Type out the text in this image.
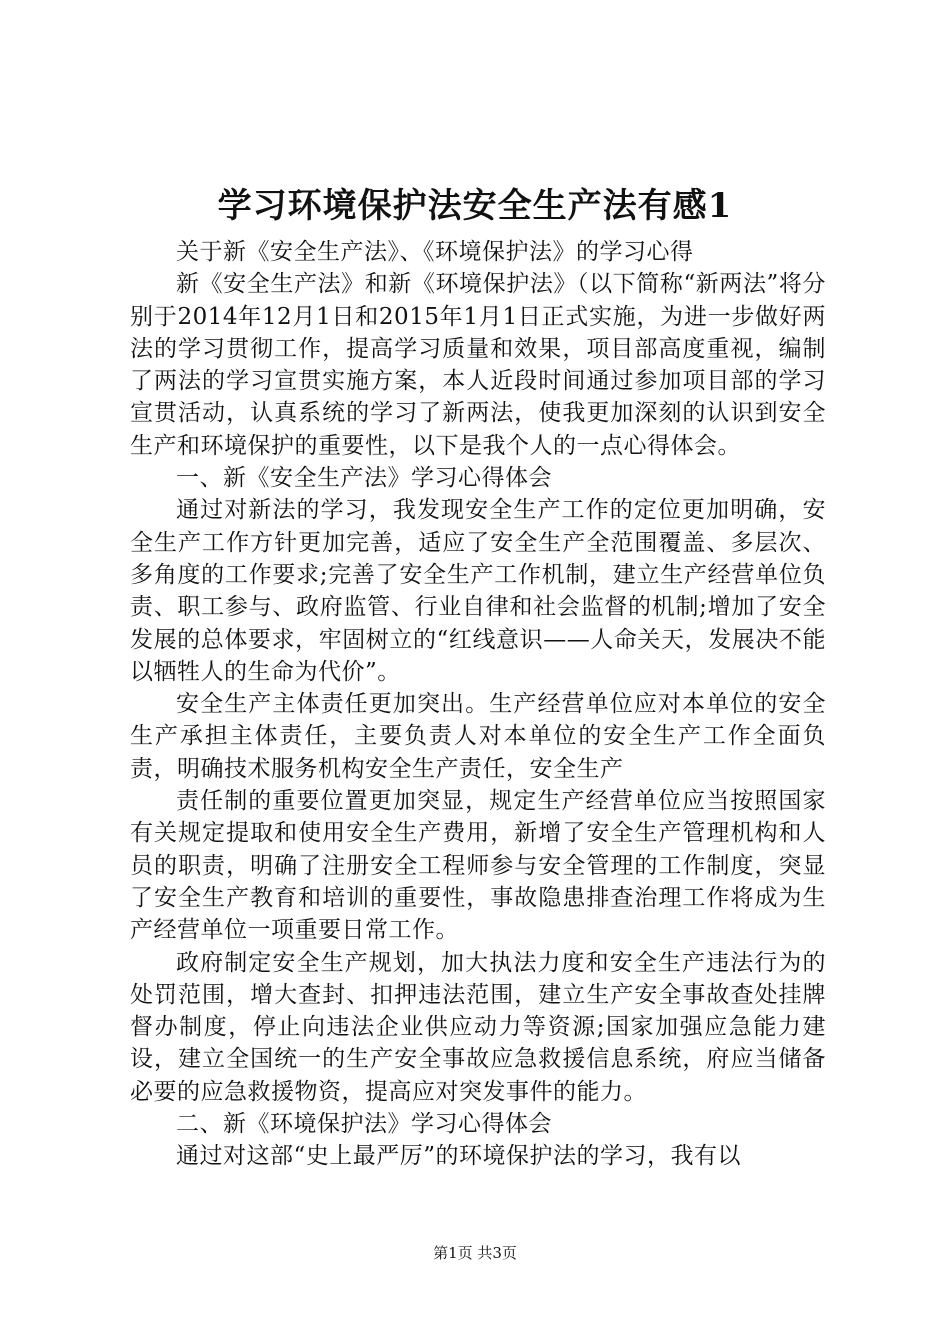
学习环境保护法安全生产法有感1

关于新《安全生产法》、《环境保护法》的学习心得

新《安全生产法》和新《环境保护法》（以下简称“新两法”将分别于2014年12月1日和2015年1月1日正式实施，为进一步做好两法的学习贯彻工作，提高学习质量和效果，项目部高度重视，编制了两法的学习宣贯实施方案，本人近段时间通过参加项目部的学习宣贯活动，认真系统的学习了新两法，使我更加深刻的认识到安全生产和环境保护的重要性，以下是我个人的一点心得体会。

一、新《安全生产法》学习心得体会

通过对新法的学习，我发现安全生产工作的定位更加明确，安全生产工作方针更加完善，适应了安全生产全范围覆盖、多层次、多角度的工作要求;完善了安全生产工作机制，建立生产经营单位负责、职工参与、政府监管、行业自律和社会监督的机制;增加了安全发展的总体要求，牢固树立的“红线意识——人命关天，发展决不能以牺牲人的生命为代价”。

安全生产主体责任更加突出。生产经营单位应对本单位的安全生产承担主体责任，主要负责人对本单位的安全生产工作全面负责，明确技术服务机构安全生产责任，安全生产

责任制的重要位置更加突显，规定生产经营单位应当按照国家有关规定提取和使用安全生产费用，新增了安全生产管理机构和人员的职责，明确了注册安全工程师参与安全管理的工作制度，突显了安全生产教育和培训的重要性，事故隐患排查治理工作将成为生产经营单位一项重要日常工作。

政府制定安全生产规划，加大执法力度和安全生产违法行为的处罚范围，增大查封、扣押违法范围，建立生产安全事故查处挂牌督办制度，停止向违法企业供应动力等资源;国家加强应急能力建设，建立全国统一的生产安全事故应急救援信息系统，府应当储备必要的应急救援物资，提高应对突发事件的能力。

二、新《环境保护法》学习心得体会

通过对这部“史上最严厉”的环境保护法的学习，我有以

第1页 共3页
